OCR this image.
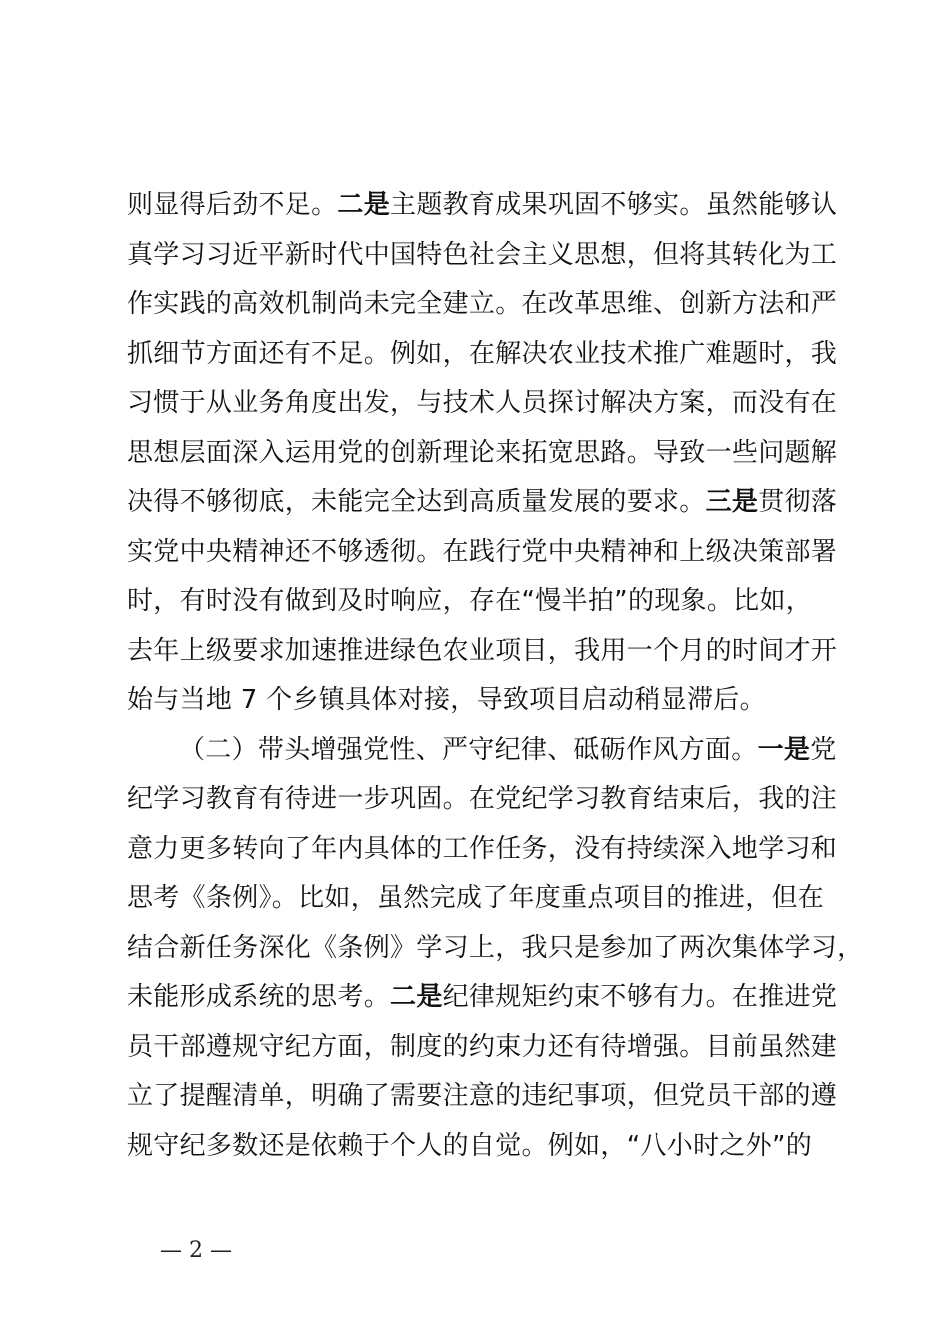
则显得后劲不足。二是主题教育成果巩固不够实。虽然能够认
真学习习近平新时代中国特色社会主义思想，但将其转化为工
作实践的高效机制尚未完全建立。在改革思维、创新方法和严
抓细节方面还有不足。例如，在解决农业技术推广难题时，我
习惯于从业务角度出发，与技术人员探讨解决方案，而没有在
思想层面深入运用党的创新理论来拓宽思路。导致一些问题解
决得不够彻底，未能完全达到高质量发展的要求。三是贯彻落
实党中央精神还不够透彻。在践行党中央精神和上级决策部署
时，有时没有做到及时响应，存在“慢半拍”的现象。比如，
去年上级要求加速推进绿色农业项目，我用一个月的时间才开
始与当地 7 个乡镇具体对接，导致项目启动稍显滞后。
（二）带头增强党性、严守纪律、砥砺作风方面。一是党
纪学习教育有待进一步巩固。在党纪学习教育结束后，我的注
意力更多转向了年内具体的工作任务，没有持续深入地学习和
思考《条例》。比如，虽然完成了年度重点项目的推进，但在
结合新任务深化《条例》学习上，我只是参加了两次集体学习，
未能形成系统的思考。二是纪律规矩约束不够有力。在推进党
员干部遵规守纪方面，制度的约束力还有待增强。目前虽然建
立了提醒清单，明确了需要注意的违纪事项，但党员干部的遵
规守纪多数还是依赖于个人的自觉。例如，“八小时之外”的
— 2 —
